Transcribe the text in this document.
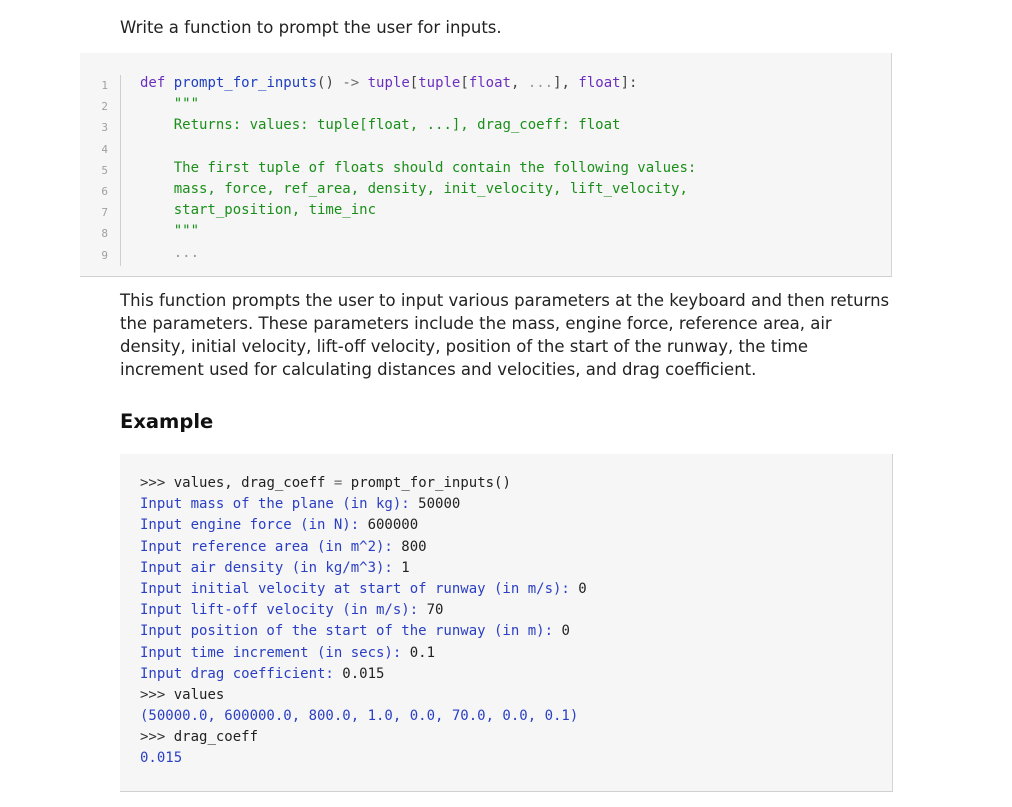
Write a function to prompt the user for inputs.

1
2
3
4
5
6
7
8
9
def prompt_for_inputs() -> tuple[tuple[float, ...], float]:
"""
Returns: values: tuple[float, ...], drag_coeff: float

The first tuple of floats should contain the following values:
mass, force, ref_area, density, init_velocity, lift_velocity,
start_position, time_inc
"""
...

This function prompts the user to input various parameters at the keyboard and then returns the parameters. These parameters include the mass, engine force, reference area, air density, initial velocity, lift-off velocity, position of the start of the runway, the time increment used for calculating distances and velocities, and drag coefficient.

Example
>>> values, drag_coeff = prompt_for_inputs()
Input mass of the plane (in kg): 50000
Input engine force (in N): 600000
Input reference area (in m^2): 800
Input air density (in kg/m^3): 1
Input initial velocity at start of runway (in m/s): 0
Input lift-off velocity (in m/s): 70
Input position of the start of the runway (in m): 0
Input time increment (in secs): 0.1
Input drag coefficient: 0.015
>>> values
(50000.0, 600000.0, 800.0, 1.0, 0.0, 70.0, 0.0, 0.1)
>>> drag_coeff
0.015
